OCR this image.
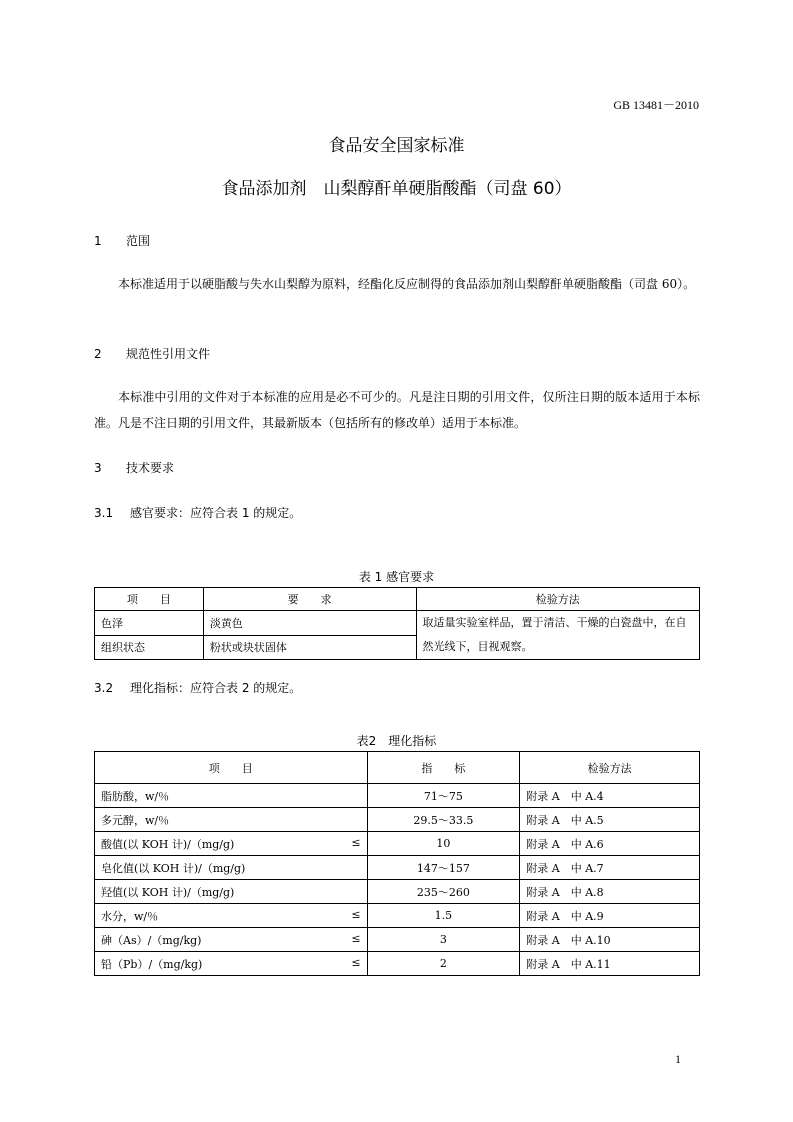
GB 13481－2010
食品安全国家标准
食品添加剂　山梨醇酐单硬脂酸酯（司盘 60）
1 范围
本标准适用于以硬脂酸与失水山梨醇为原料，经酯化反应制得的食品添加剂山梨醇酐单硬脂酸酯（司盘 60）。
2 规范性引用文件
本标准中引用的文件对于本标准的应用是必不可少的。凡是注日期的引用文件，仅所注日期的版本适用于本标准。凡是不注日期的引用文件，其最新版本（包括所有的修改单）适用于本标准。
3 技术要求
3.1 感官要求：应符合表 1 的规定。
表 1 感官要求
项　　目	要　　求	检验方法
色泽	淡黄色	取适量实验室样品，置于清洁、干燥的白瓷盘中，在自然光线下，目视观察。
组织状态	粉状或块状固体	
3.2 理化指标：应符合表 2 的规定。
表2　理化指标
项　　目	指　　标	检验方法

脂肪酸，w/％	71～75	附录 A　中 A.4

多元醇，w/％	29.5～33.5	附录 A　中 A.5

酸值(以 KOH 计)/（mg/g) ≤	10	附录 A　中 A.6

皂化值(以 KOH 计)/（mg/g)	147～157	附录 A　中 A.7

羟值(以 KOH 计)/（mg/g)	235～260	附录 A　中 A.8

水分，w/％ ≤	1.5	附录 A　中 A.9

砷（As）/（mg/kg) ≤	3	附录 A　中 A.10

铅（Pb）/（mg/kg) ≤	2	附录 A　中 A.11
1
